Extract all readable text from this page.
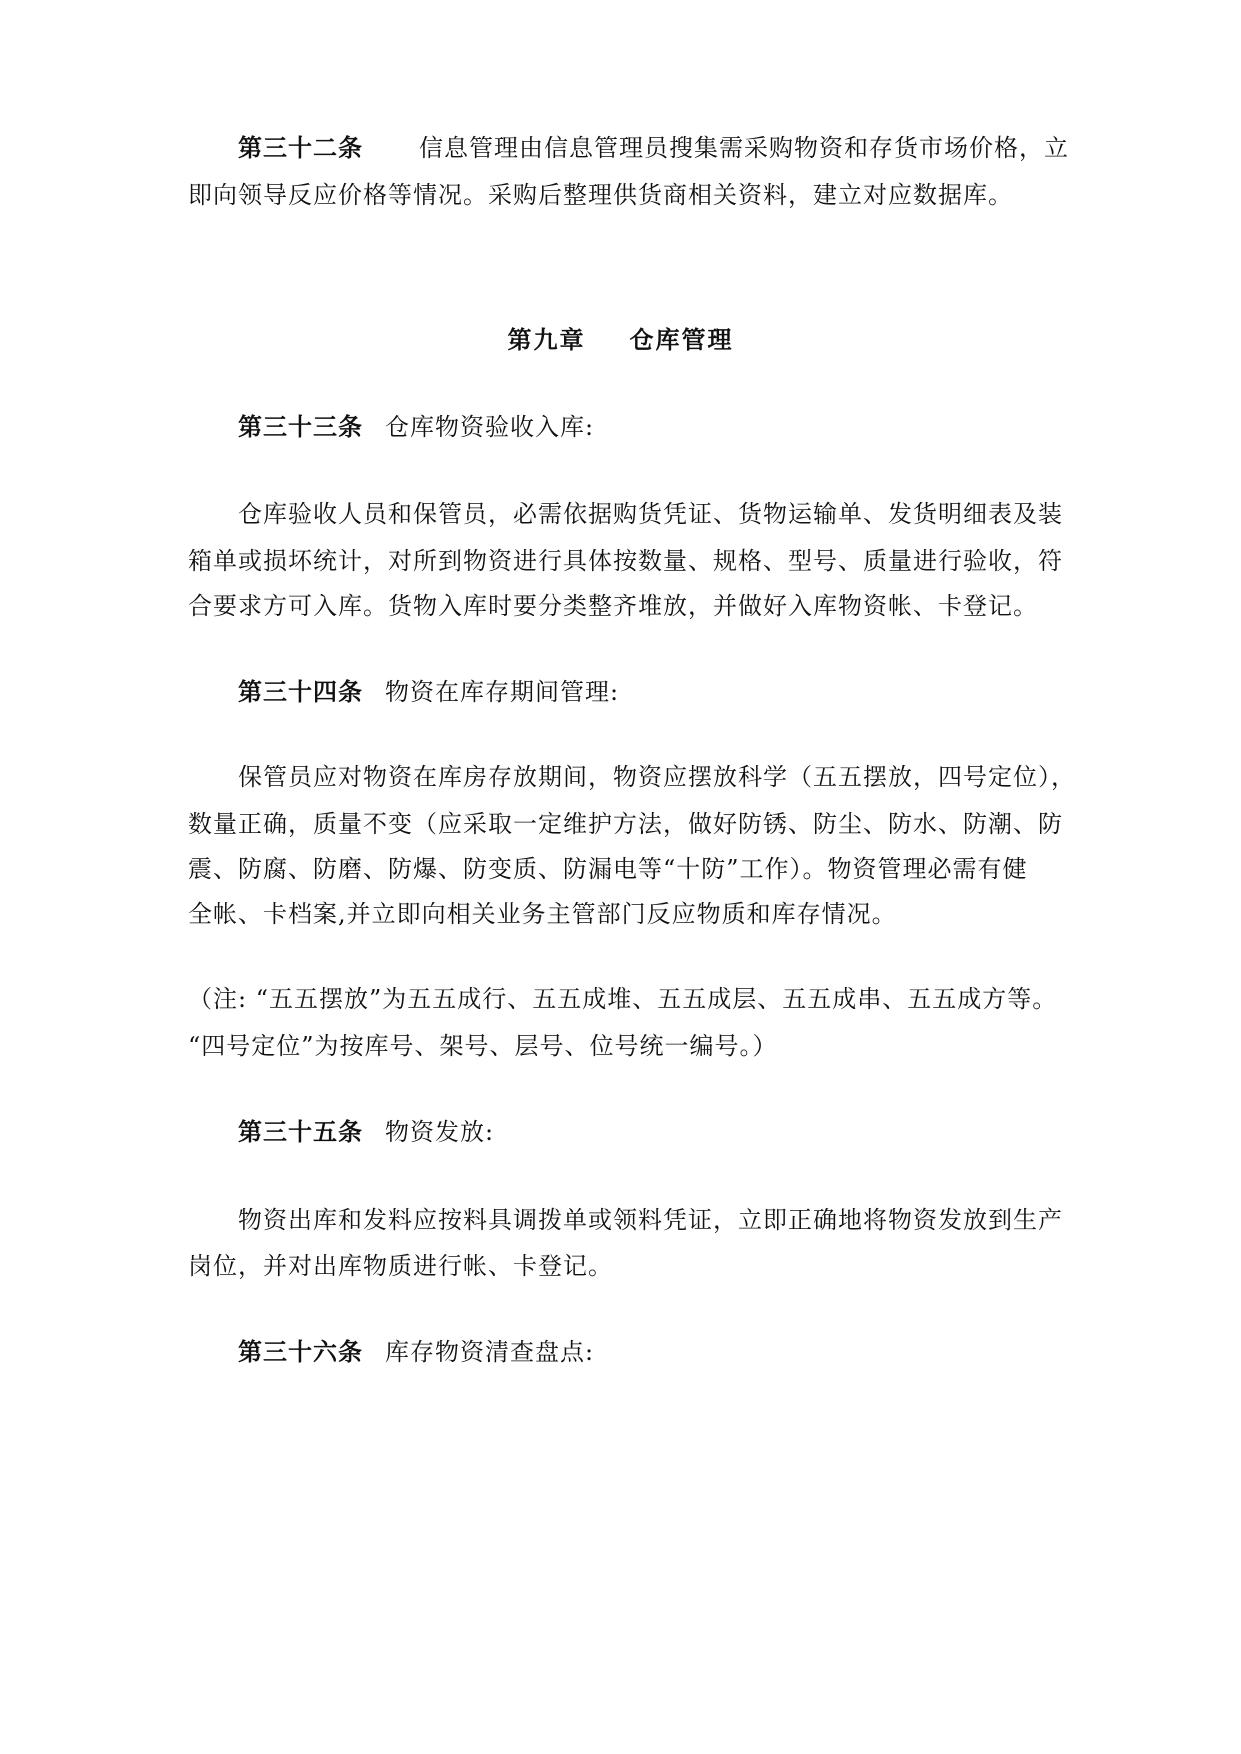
第三十二条 信息管理由信息管理员搜集需采购物资和存货市场价格，立
即向领导反应价格等情况。采购后整理供货商相关资料，建立对应数据库。
第九章 仓库管理
第三十三条 仓库物资验收入库:
仓库验收人员和保管员，必需依据购货凭证、货物运输单、发货明细表及装
箱单或损坏统计，对所到物资进行具体按数量、规格、型号、质量进行验收，符
合要求方可入库。货物入库时要分类整齐堆放，并做好入库物资帐、卡登记。
第三十四条 物资在库存期间管理:
保管员应对物资在库房存放期间，物资应摆放科学（五五摆放，四号定位），
数量正确，质量不变（应采取一定维护方法，做好防锈、防尘、防水、防潮、防
震、防腐、防磨、防爆、防变质、防漏电等“十防”工作）。物资管理必需有健
全帐、卡档案,并立即向相关业务主管部门反应物质和库存情况。
（注: “五五摆放”为五五成行、五五成堆、五五成层、五五成串、五五成方等。
“四号定位”为按库号、架号、层号、位号统一编号。）
第三十五条 物资发放:
物资出库和发料应按料具调拨单或领料凭证，立即正确地将物资发放到生产
岗位，并对出库物质进行帐、卡登记。
第三十六条 库存物资清查盘点:
